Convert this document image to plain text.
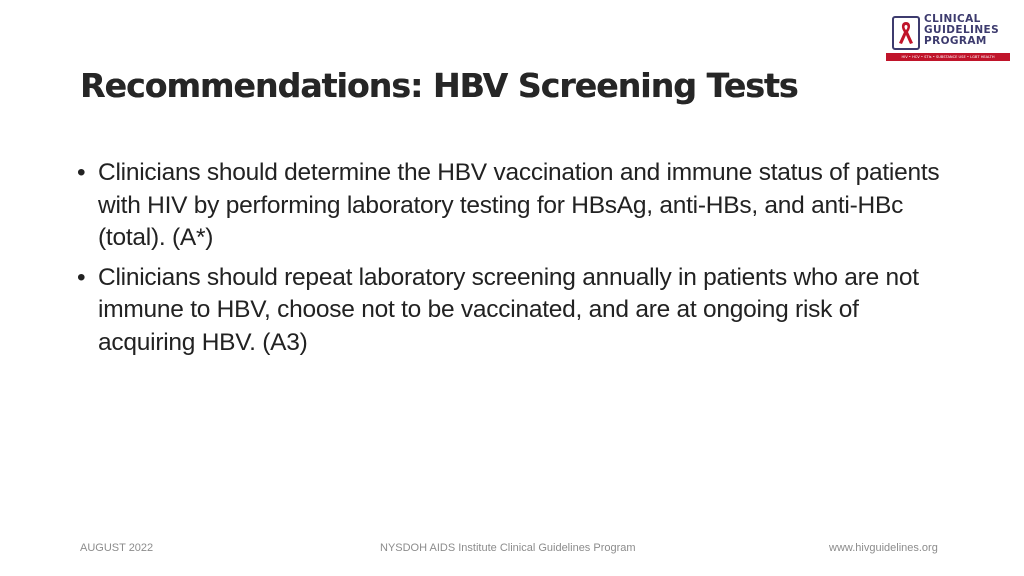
CLINICAL
GUIDELINES
PROGRAM
HIV • HCV • STIs • SUBSTANCE USE • LGBT HEALTH
Recommendations: HBV Screening Tests
• Clinicians should determine the HBV vaccination and immune status of patients with HIV by performing laboratory testing for HBsAg, anti-HBs, and anti-HBc (total). (A*)
• Clinicians should repeat laboratory screening annually in patients who are not immune to HBV, choose not to be vaccinated, and are at ongoing risk of acquiring HBV. (A3)
AUGUST 2022	NYSDOH AIDS Institute Clinical Guidelines Program	www.hivguidelines.org
